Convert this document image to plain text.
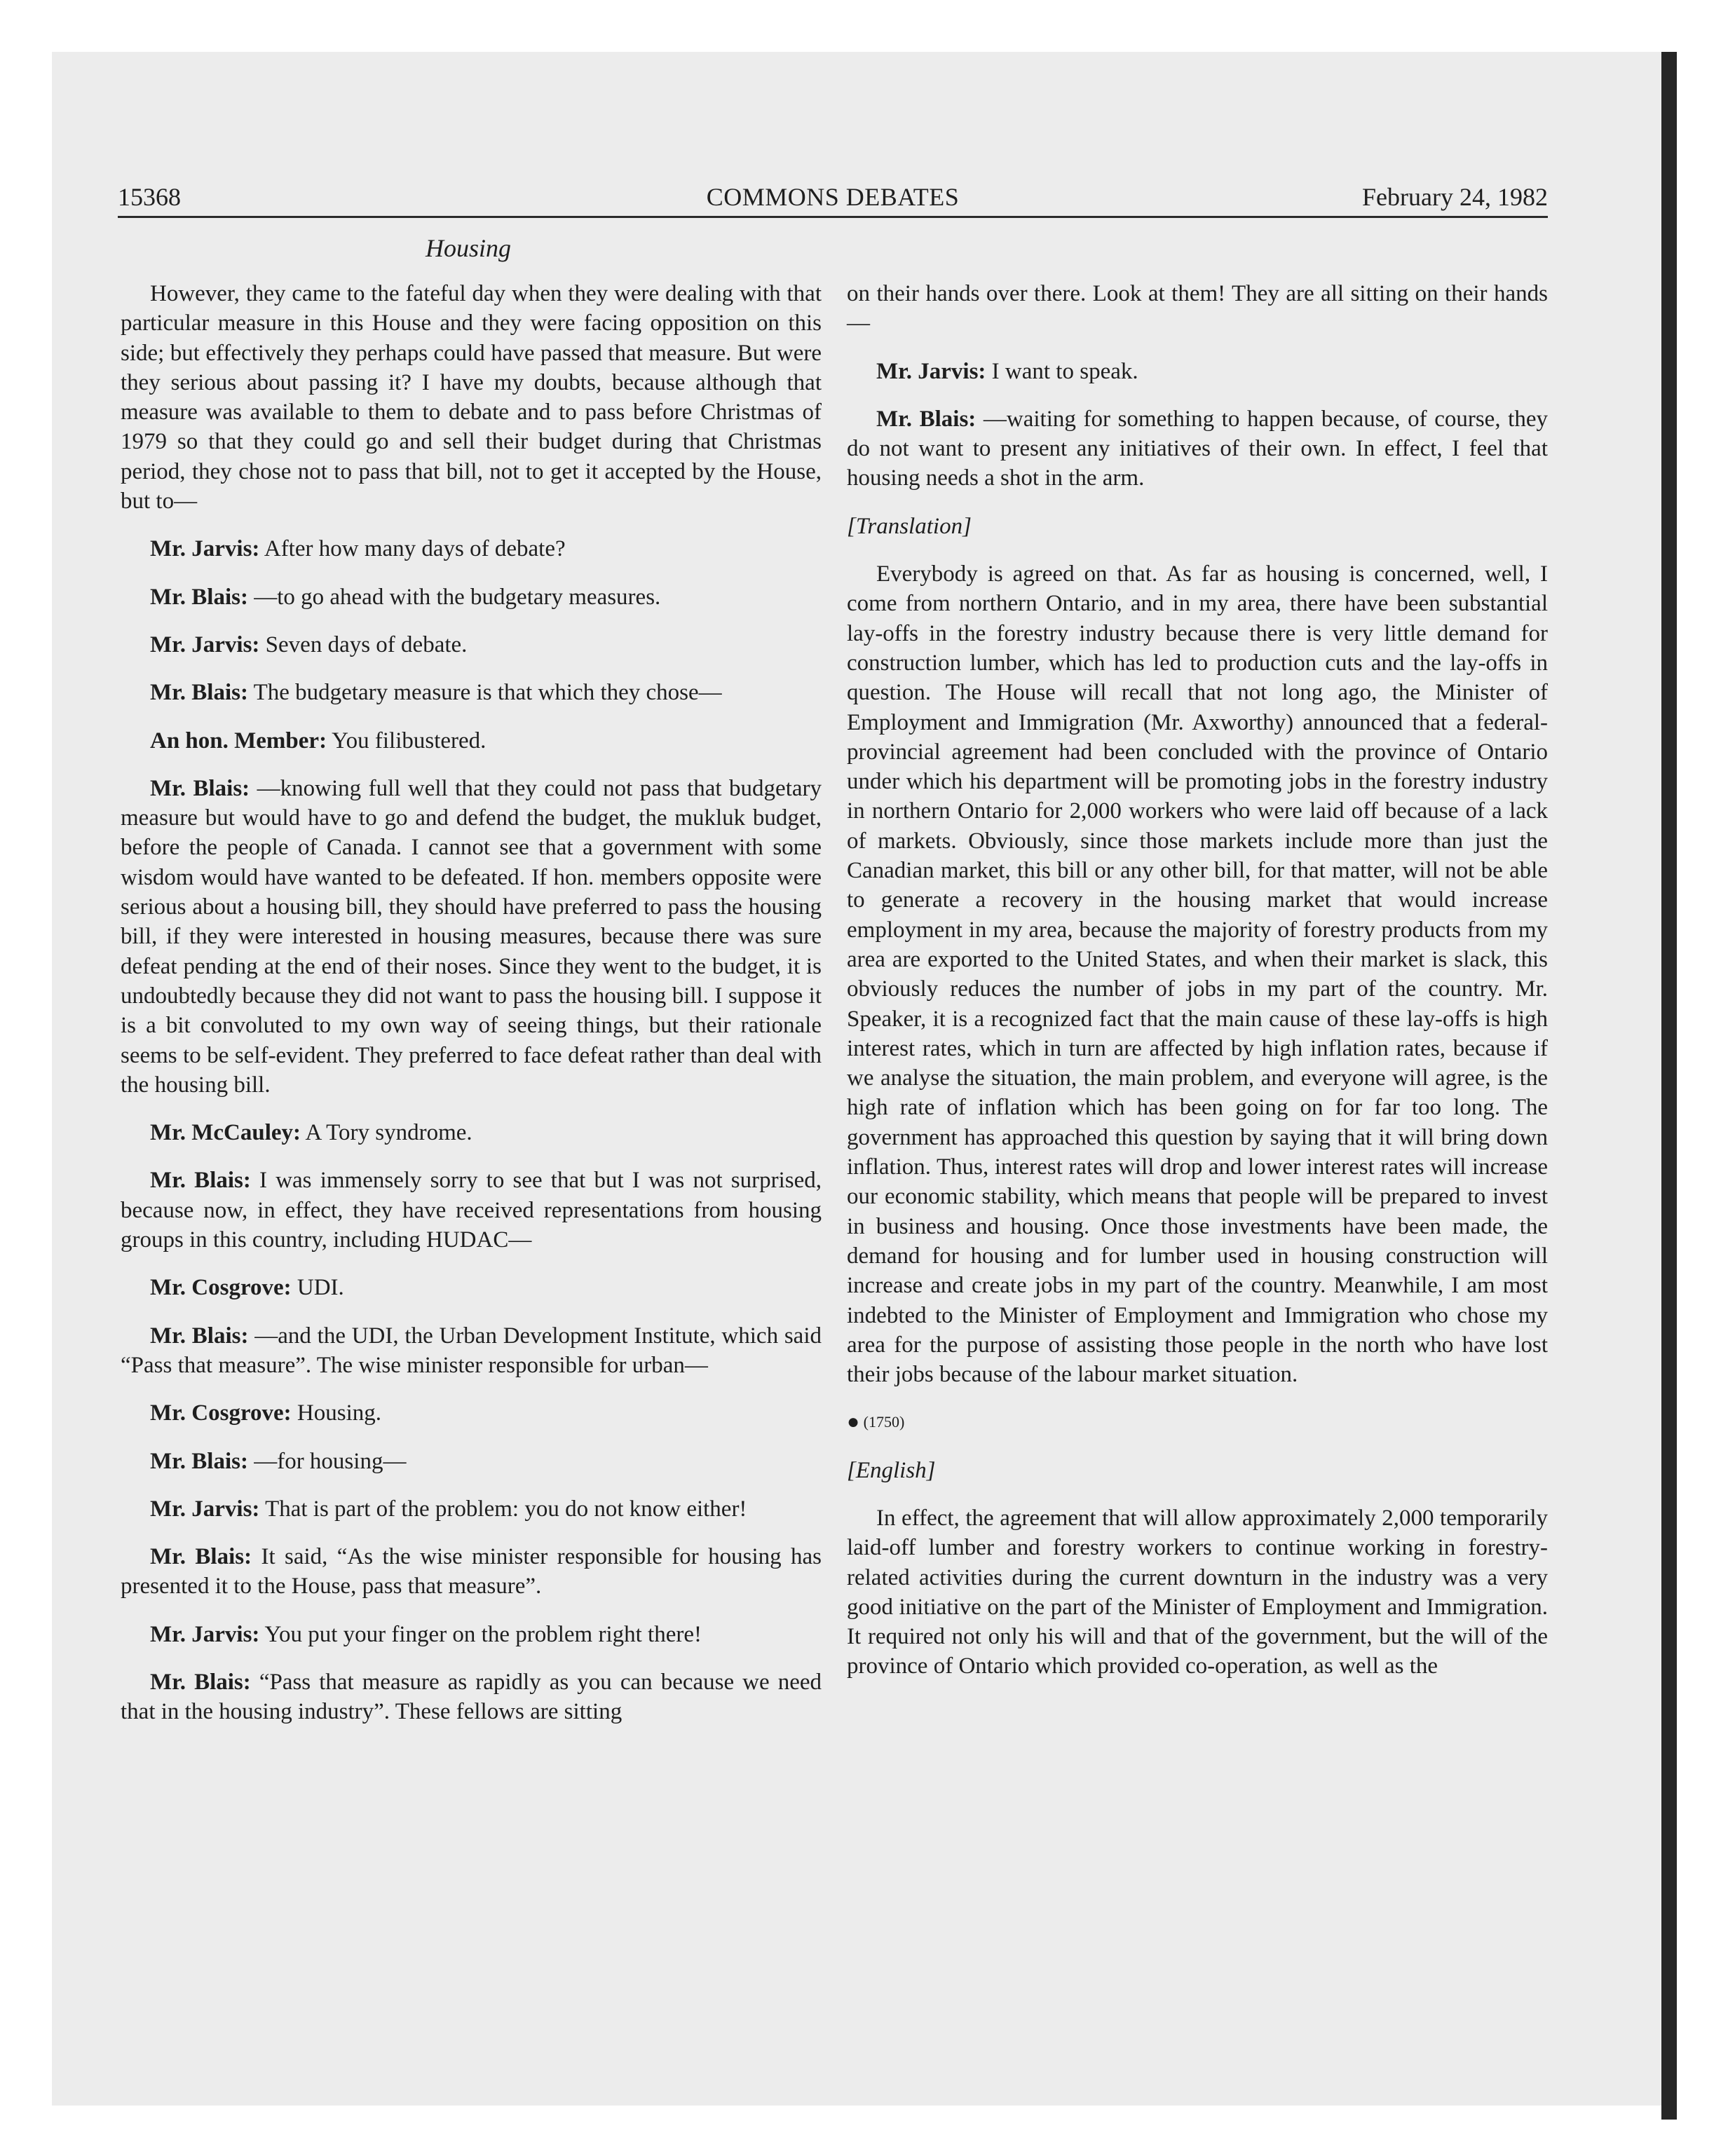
15368	COMMONS DEBATES	February 24, 1982
Housing

However, they came to the fateful day when they were dealing with that particular measure in this House and they were facing opposition on this side; but effectively they perhaps could have passed that measure. But were they serious about passing it? I have my doubts, because although that measure was available to them to debate and to pass before Christmas of 1979 so that they could go and sell their budget during that Christmas period, they chose not to pass that bill, not to get it accepted by the House, but to—

Mr. Jarvis: After how many days of debate?

Mr. Blais: —to go ahead with the budgetary measures.

Mr. Jarvis: Seven days of debate.

Mr. Blais: The budgetary measure is that which they chose—

An hon. Member: You filibustered.

Mr. Blais: —knowing full well that they could not pass that budgetary measure but would have to go and defend the budget, the mukluk budget, before the people of Canada. I cannot see that a government with some wisdom would have wanted to be defeated. If hon. members opposite were serious about a housing bill, they should have preferred to pass the housing bill, if they were interested in housing measures, because there was sure defeat pending at the end of their noses. Since they went to the budget, it is undoubtedly because they did not want to pass the housing bill. I suppose it is a bit convoluted to my own way of seeing things, but their rationale seems to be self-evident. They preferred to face defeat rather than deal with the housing bill.

Mr. McCauley: A Tory syndrome.

Mr. Blais: I was immensely sorry to see that but I was not surprised, because now, in effect, they have received representations from housing groups in this country, including HUDAC—

Mr. Cosgrove: UDI.

Mr. Blais: —and the UDI, the Urban Development Institute, which said “Pass that measure”. The wise minister responsible for urban—

Mr. Cosgrove: Housing.

Mr. Blais: —for housing—

Mr. Jarvis: That is part of the problem: you do not know either!

Mr. Blais: It said, “As the wise minister responsible for housing has presented it to the House, pass that measure”.

Mr. Jarvis: You put your finger on the problem right there!

Mr. Blais: “Pass that measure as rapidly as you can because we need that in the housing industry”. These fellows are sitting

on their hands over there. Look at them! They are all sitting on their hands—

Mr. Jarvis: I want to speak.

Mr. Blais: —waiting for something to happen because, of course, they do not want to present any initiatives of their own. In effect, I feel that housing needs a shot in the arm.

[Translation]

Everybody is agreed on that. As far as housing is concerned, well, I come from northern Ontario, and in my area, there have been substantial lay-offs in the forestry industry because there is very little demand for construction lumber, which has led to production cuts and the lay-offs in question. The House will recall that not long ago, the Minister of Employment and Immigration (Mr. Axworthy) announced that a federal-provincial agreement had been concluded with the province of Ontario under which his department will be promoting jobs in the forestry industry in northern Ontario for 2,000 workers who were laid off because of a lack of markets. Obviously, since those markets include more than just the Canadian market, this bill or any other bill, for that matter, will not be able to generate a recovery in the housing market that would increase employment in my area, because the majority of forestry products from my area are exported to the United States, and when their market is slack, this obviously reduces the number of jobs in my part of the country. Mr. Speaker, it is a recognized fact that the main cause of these lay-offs is high interest rates, which in turn are affected by high inflation rates, because if we analyse the situation, the main problem, and everyone will agree, is the high rate of inflation which has been going on for far too long. The government has approached this question by saying that it will bring down inflation. Thus, interest rates will drop and lower interest rates will increase our economic stability, which means that people will be prepared to invest in business and housing. Once those investments have been made, the demand for housing and for lumber used in housing construction will increase and create jobs in my part of the country. Meanwhile, I am most indebted to the Minister of Employment and Immigration who chose my area for the purpose of assisting those people in the north who have lost their jobs because of the labour market situation.

● (1750)
[English]

In effect, the agreement that will allow approximately 2,000 temporarily laid-off lumber and forestry workers to continue working in forestry-related activities during the current downturn in the industry was a very good initiative on the part of the Minister of Employment and Immigration. It required not only his will and that of the government, but the will of the province of Ontario which provided co-operation, as well as the
